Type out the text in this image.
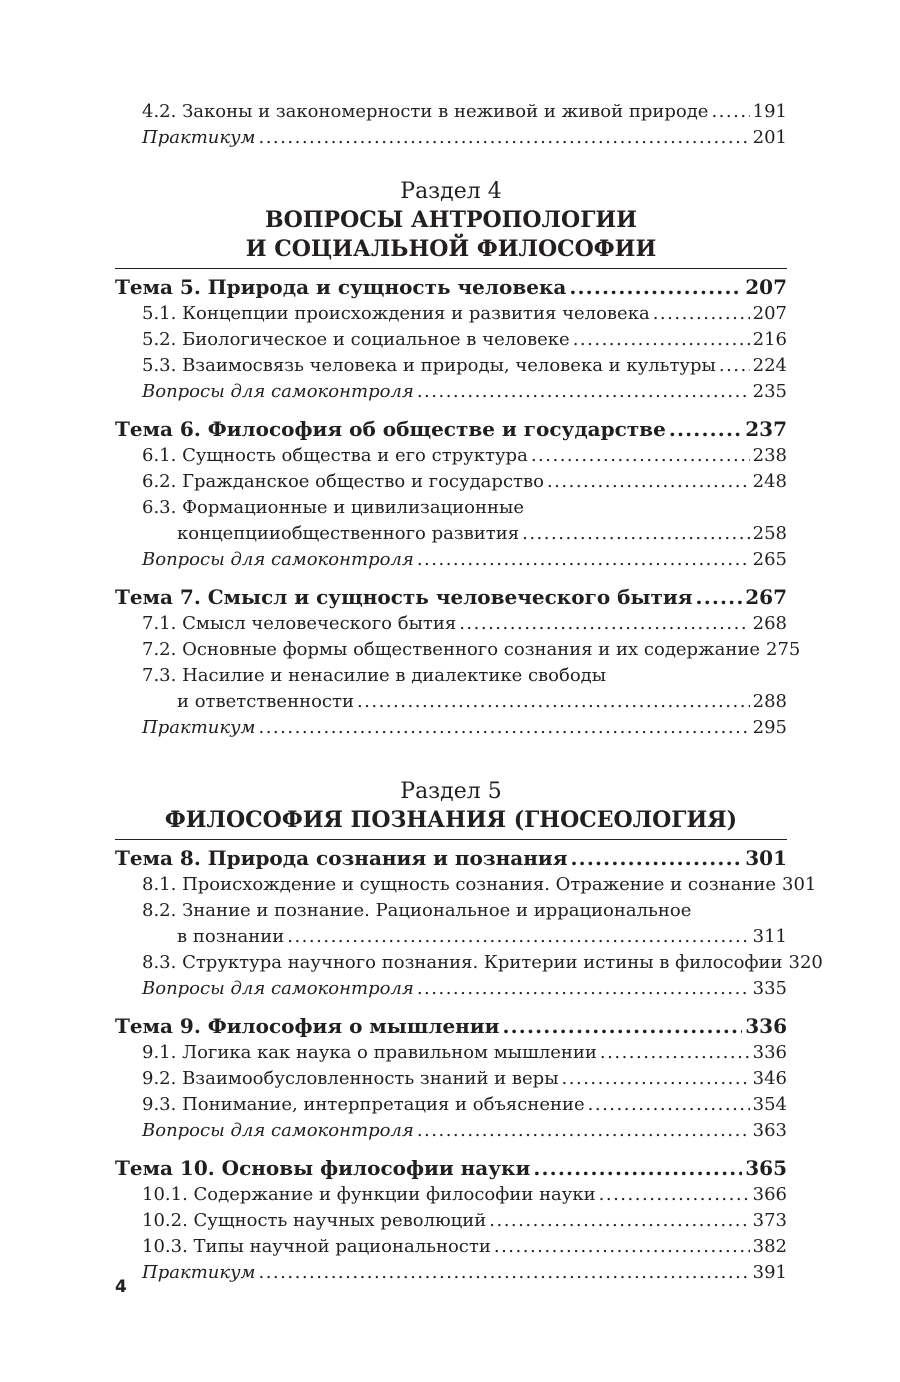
4.2. Законы и закономерности в неживой и живой природе ..... 191
Практикум .....	201
Раздел 4
ВОПРОСЫ АНТРОПОЛОГИИ
И СОЦИАЛЬНОЙ ФИЛОСОФИИ
Тема 5. Природа и сущность человека .....	207
5.1. Концепции происхождения и развития человека .....	207
5.2. Биологическое и социальное в человеке .....	216
5.3. Взаимосвязь человека и природы, человека и культуры ..... 224
Вопросы для самоконтроля .....	235
Тема 6. Философия об обществе и государстве .....	237
6.1. Сущность общества и его структура .....	238
6.2. Гражданское общество и государство .....	248
6.3. Формационные и цивилизационные
концепцииобщественного развития .....	258
Вопросы для самоконтроля .....	265
Тема 7. Смысл и сущность человеческого бытия .....	267
7.1. Смысл человеческого бытия .....	268
7.2. Основные формы общественного сознания и их содержание 275
7.3. Насилие и ненасилие в диалектике свободы
и ответственности .....	288
Практикум .....	295
Раздел 5
ФИЛОСОФИЯ ПОЗНАНИЯ (ГНОСЕОЛОГИЯ)
Тема 8. Природа сознания и познания .....	301
8.1. Происхождение и сущность сознания. Отражение и сознание 301
8.2. Знание и познание. Рациональное и иррациональное
в познании .....	311
8.3. Структура научного познания. Критерии истины в философии 320
Вопросы для самоконтроля .....	335
Тема 9. Философия о мышлении .....	336
9.1. Логика как наука о правильном мышлении .....	336
9.2. Взаимообусловленность знаний и веры .....	346
9.3. Понимание, интерпретация и объяснение .....	354
Вопросы для самоконтроля .....	363
Тема 10. Основы философии науки .....	365
10.1. Содержание и функции философии науки .....	366
10.2. Сущность научных революций .....	373
10.3. Типы научной рациональности .....	382
Практикум .....	391
4
